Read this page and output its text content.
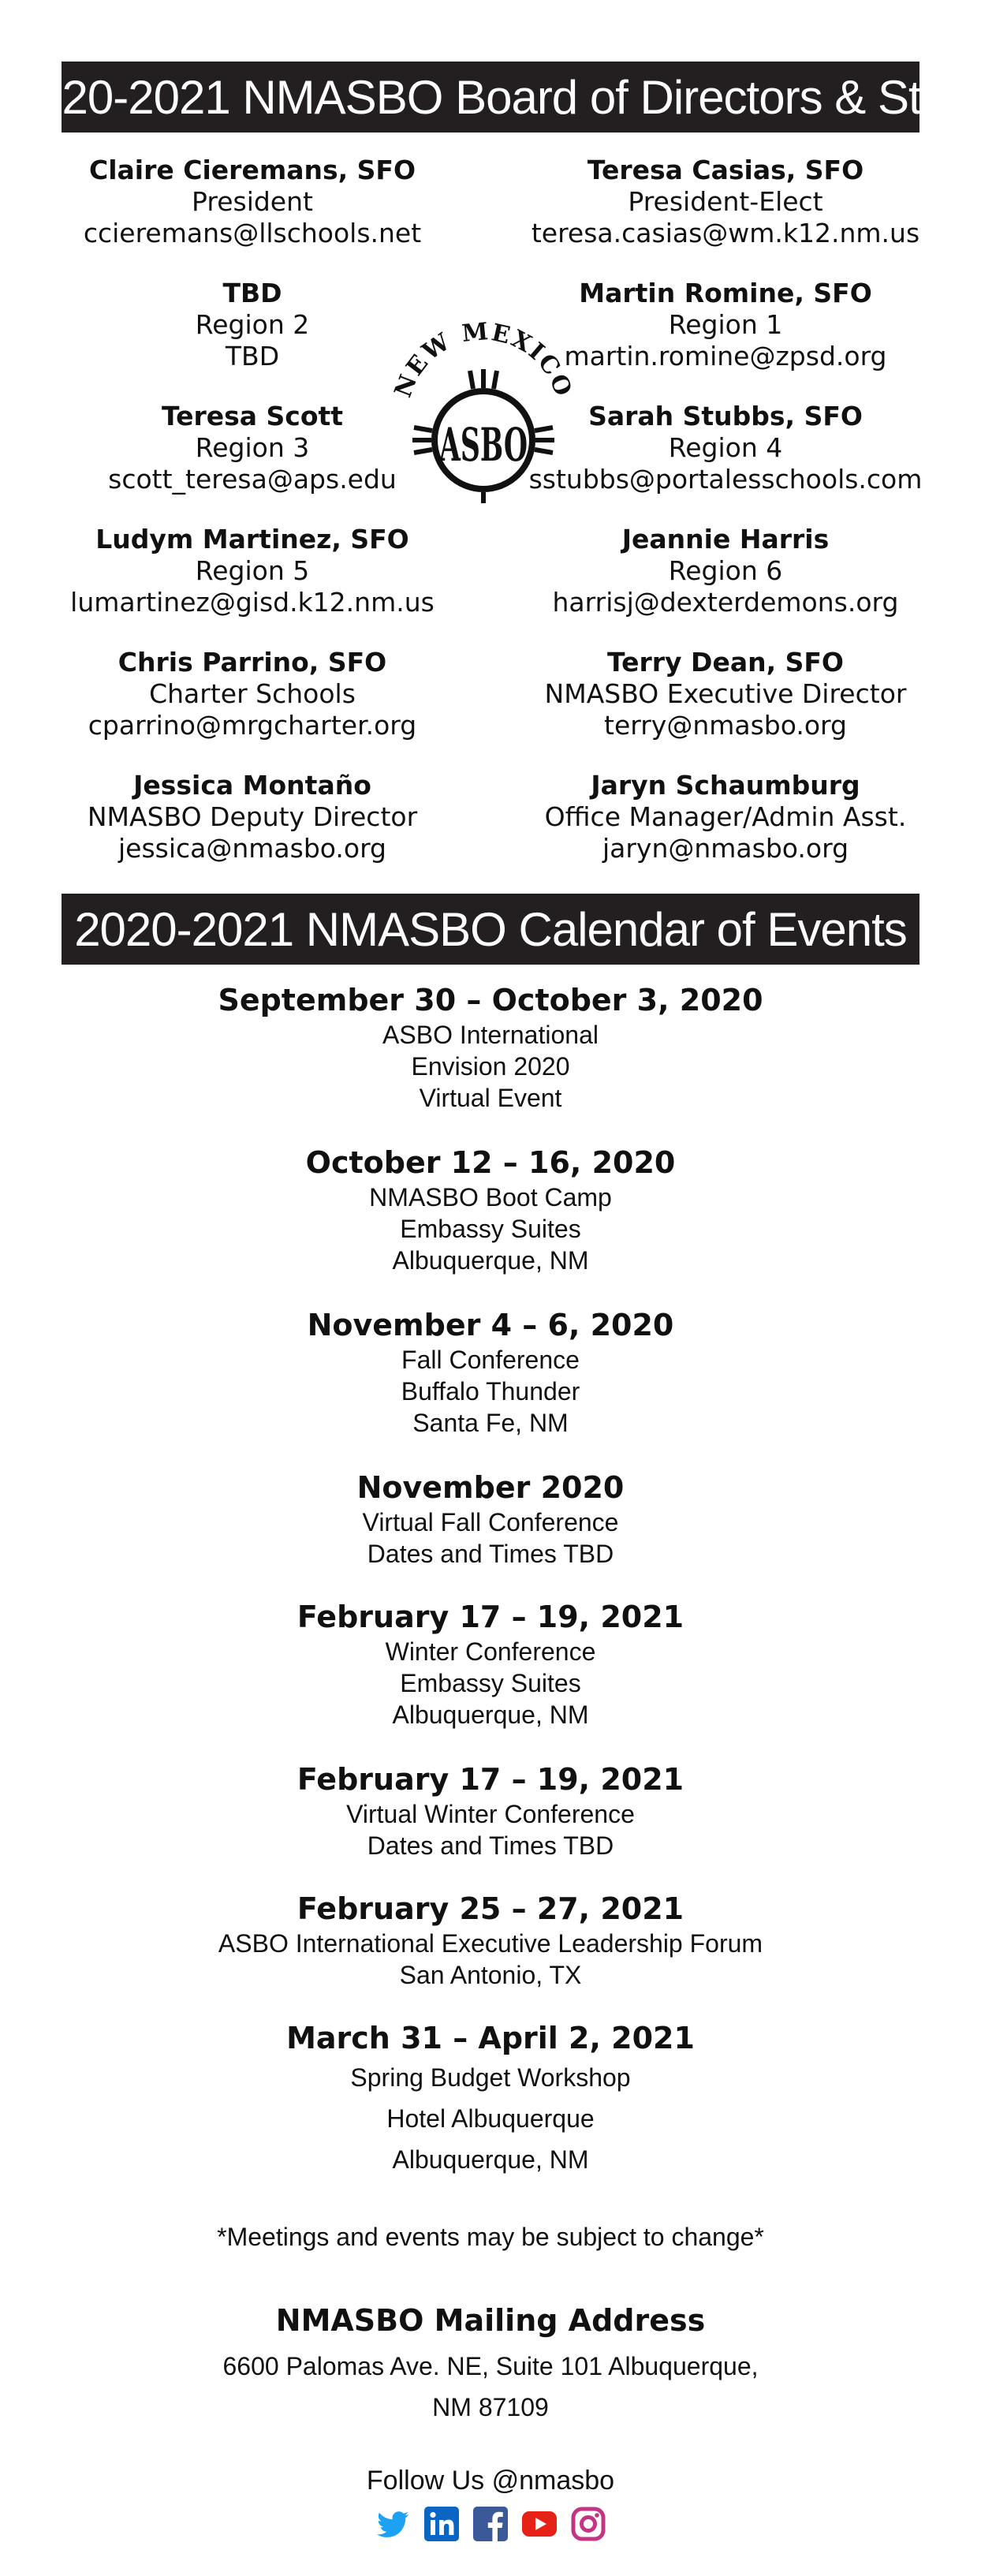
2020-2021 NMASBO Board of Directors & Staff
Claire Cieremans, SFO
President
ccieremans@llschools.net
Teresa Casias, SFO
President-Elect
teresa.casias@wm.k12.nm.us
TBD
Region 2
TBD
Martin Romine, SFO
Region 1
martin.romine@zpsd.org
Teresa Scott
Region 3
scott_teresa@aps.edu
Sarah Stubbs, SFO
Region 4
sstubbs@portalesschools.com
Ludym Martinez, SFO
Region 5
lumartinez@gisd.k12.nm.us
Jeannie Harris
Region 6
harrisj@dexterdemons.org
Chris Parrino, SFO
Charter Schools
cparrino@mrgcharter.org
Terry Dean, SFO
NMASBO Executive Director
terry@nmasbo.org
Jessica Montaño
NMASBO Deputy Director
jessica@nmasbo.org
Jaryn Schaumburg
Office Manager/Admin Asst.
jaryn@nmasbo.org
NEW MEXICO
ASBO
2020-2021 NMASBO Calendar of Events
September 30 – October 3, 2020
ASBO International
Envision 2020
Virtual Event
October 12 – 16, 2020
NMASBO Boot Camp
Embassy Suites
Albuquerque, NM
November 4 – 6, 2020
Fall Conference
Buffalo Thunder
Santa Fe, NM
November 2020
Virtual Fall Conference
Dates and Times TBD
February 17 – 19, 2021
Winter Conference
Embassy Suites
Albuquerque, NM
February 17 – 19, 2021
Virtual Winter Conference
Dates and Times TBD
February 25 – 27, 2021
ASBO International Executive Leadership Forum
San Antonio, TX
March 31 – April 2, 2021
Spring Budget Workshop
Hotel Albuquerque
Albuquerque, NM
*Meetings and events may be subject to change*
NMASBO Mailing Address
6600 Palomas Ave. NE, Suite 101 Albuquerque,
NM 87109
Follow Us @nmasbo
